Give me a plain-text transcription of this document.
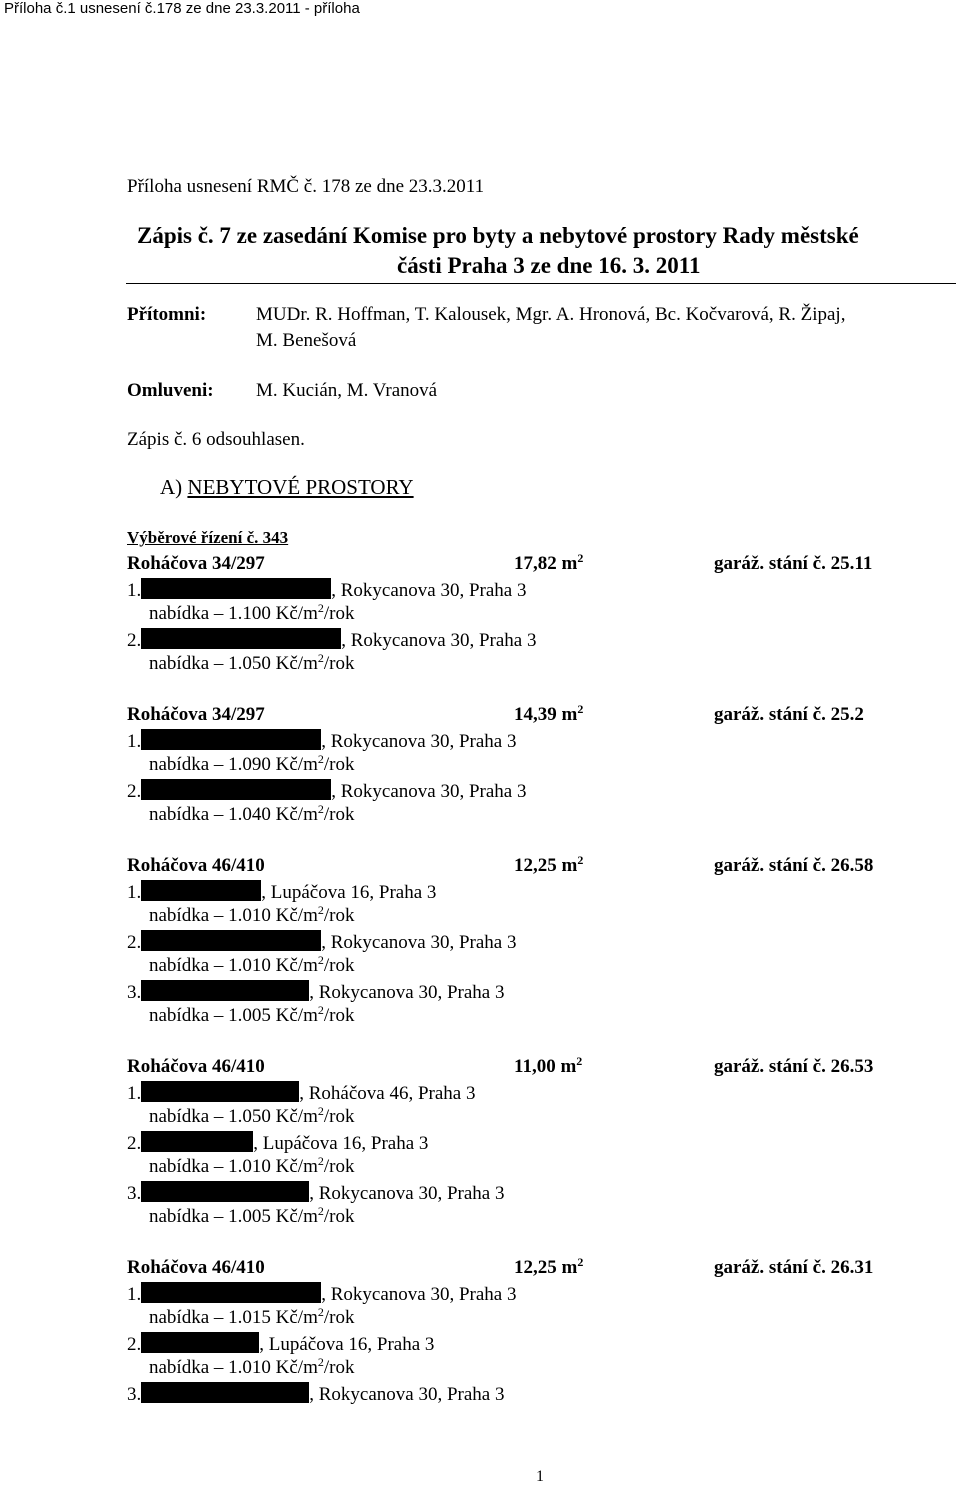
Příloha č.1 usnesení č.178 ze dne 23.3.2011 - příloha
Příloha usnesení RMČ č. 178 ze dne 23.3.2011
Zápis č. 7 ze zasedání Komise pro byty a nebytové prostory Rady městské
části Praha 3 ze dne 16. 3. 2011
Přítomni:	MUDr. R. Hoffman, T. Kalousek, Mgr. A. Hronová, Bc. Kočvarová, R. Žipaj,
M. Benešová
Omluveni: M. Kucián, M. Vranová
Zápis č. 6 odsouhlasen.
A) NEBYTOVÉ PROSTORY
Výběrové řízení č. 343
Roháčova 34/297	17,82 $m^2$	garáž. stání č. 25.11
1.	, Rokycanova 30, Praha 3
nabídka – 1.100 $Kč/m^2$/rok
2.	, Rokycanova 30, Praha 3
nabídka – 1.050 $Kč/m^2$/rok
Roháčova 34/297	14,39 $m^2$	garáž. stání č. 25.2
1.	, Rokycanova 30, Praha 3
nabídka – 1.090 $Kč/m^2$/rok
2.	, Rokycanova 30, Praha 3
nabídka – 1.040 $Kč/m^2$/rok
Roháčova 46/410	12,25 $m^2$	garáž. stání č. 26.58
1.	, Lupáčova 16, Praha 3
nabídka – 1.010 $Kč/m^2$/rok
2.	, Rokycanova 30, Praha 3
nabídka – 1.010 $Kč/m^2$/rok
3.	, Rokycanova 30, Praha 3
nabídka – 1.005 $Kč/m^2$/rok
Roháčova 46/410	11,00 $m^2$	garáž. stání č. 26.53
1.	, Roháčova 46, Praha 3
nabídka – 1.050 $Kč/m^2$/rok
2.	, Lupáčova 16, Praha 3
nabídka – 1.010 $Kč/m^2$/rok
3.	, Rokycanova 30, Praha 3
nabídka – 1.005 $Kč/m^2$/rok
Roháčova 46/410	12,25 $m^2$	garáž. stání č. 26.31
1.	, Rokycanova 30, Praha 3
nabídka – 1.015 $Kč/m^2$/rok
2.	, Lupáčova 16, Praha 3
nabídka – 1.010 $Kč/m^2$/rok
3.	, Rokycanova 30, Praha 3
1
